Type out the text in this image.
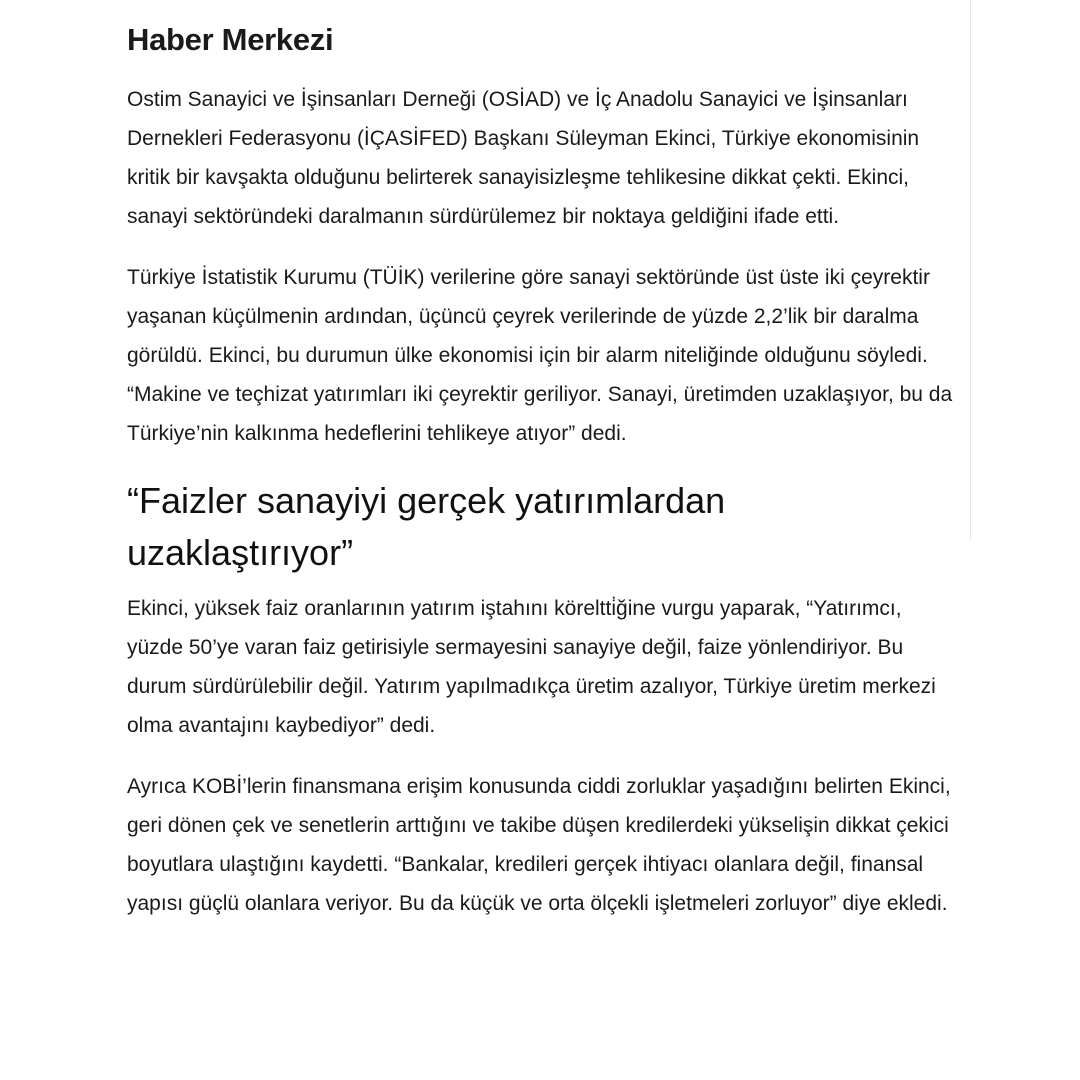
Haber Merkezi

Ostim Sanayici ve İşinsanları Derneği (OSİAD) ve İç Anadolu Sanayici ve İşinsanları Dernekleri Federasyonu (İÇASİFED) Başkanı Süleyman Ekinci, Türkiye ekonomisinin kritik bir kavşakta olduğunu belirterek sanayisizleşme tehlikesine dikkat çekti. Ekinci, sanayi sektöründeki daralmanın sürdürülemez bir noktaya geldiğini ifade etti.

Türkiye İstatistik Kurumu (TÜİK) verilerine göre sanayi sektöründe üst üste iki çeyrektir yaşanan küçülmenin ardından, üçüncü çeyrek verilerinde de yüzde 2,2’lik bir daralma görüldü. Ekinci, bu durumun ülke ekonomisi için bir alarm niteliğinde olduğunu söyledi. “Makine ve teçhizat yatırımları iki çeyrektir geriliyor. Sanayi, üretimden uzaklaşıyor, bu da Türkiye’nin kalkınma hedeflerini tehlikeye atıyor” dedi.

“Faizler sanayiyi gerçek yatırımlardan uzaklaştırıyor”

Ekinci, yüksek faiz oranlarının yatırım iştahını köreltti̇ğine vurgu yaparak, “Yatırımcı, yüzde 50’ye varan faiz getirisiyle sermayesini sanayiye değil, faize yönlendiriyor. Bu durum sürdürülebilir değil. Yatırım yapılmadıkça üretim azalıyor, Türkiye üretim merkezi olma avantajını kaybediyor” dedi.

Ayrıca KOBİ’lerin finansmana erişim konusunda ciddi zorluklar yaşadığını belirten Ekinci, geri dönen çek ve senetlerin arttığını ve takibe düşen kredilerdeki yükselişin dikkat çekici boyutlara ulaştığını kaydetti. “Bankalar, kredileri gerçek ihtiyacı olanlara değil, finansal yapısı güçlü olanlara veriyor. Bu da küçük ve orta ölçekli işletmeleri zorluyor” diye ekledi.
